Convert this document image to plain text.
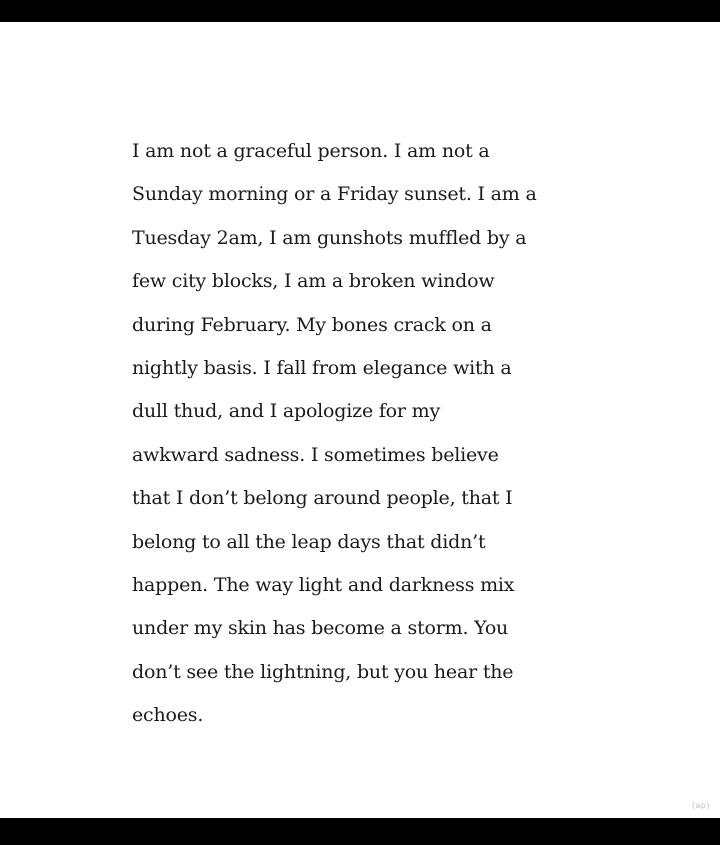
I am not a graceful person. I am not a
Sunday morning or a Friday sunset. I am a
Tuesday 2am, I am gunshots muffled by a
few city blocks, I am a broken window
during February. My bones crack on a
nightly basis. I fall from elegance with a
dull thud, and I apologize for my
awkward sadness. I sometimes believe
that I don’t belong around people, that I
belong to all the leap days that didn’t
happen. The way light and darkness mix
under my skin has become a storm. You
don’t see the lightning, but you hear the
echoes.
(ap)
